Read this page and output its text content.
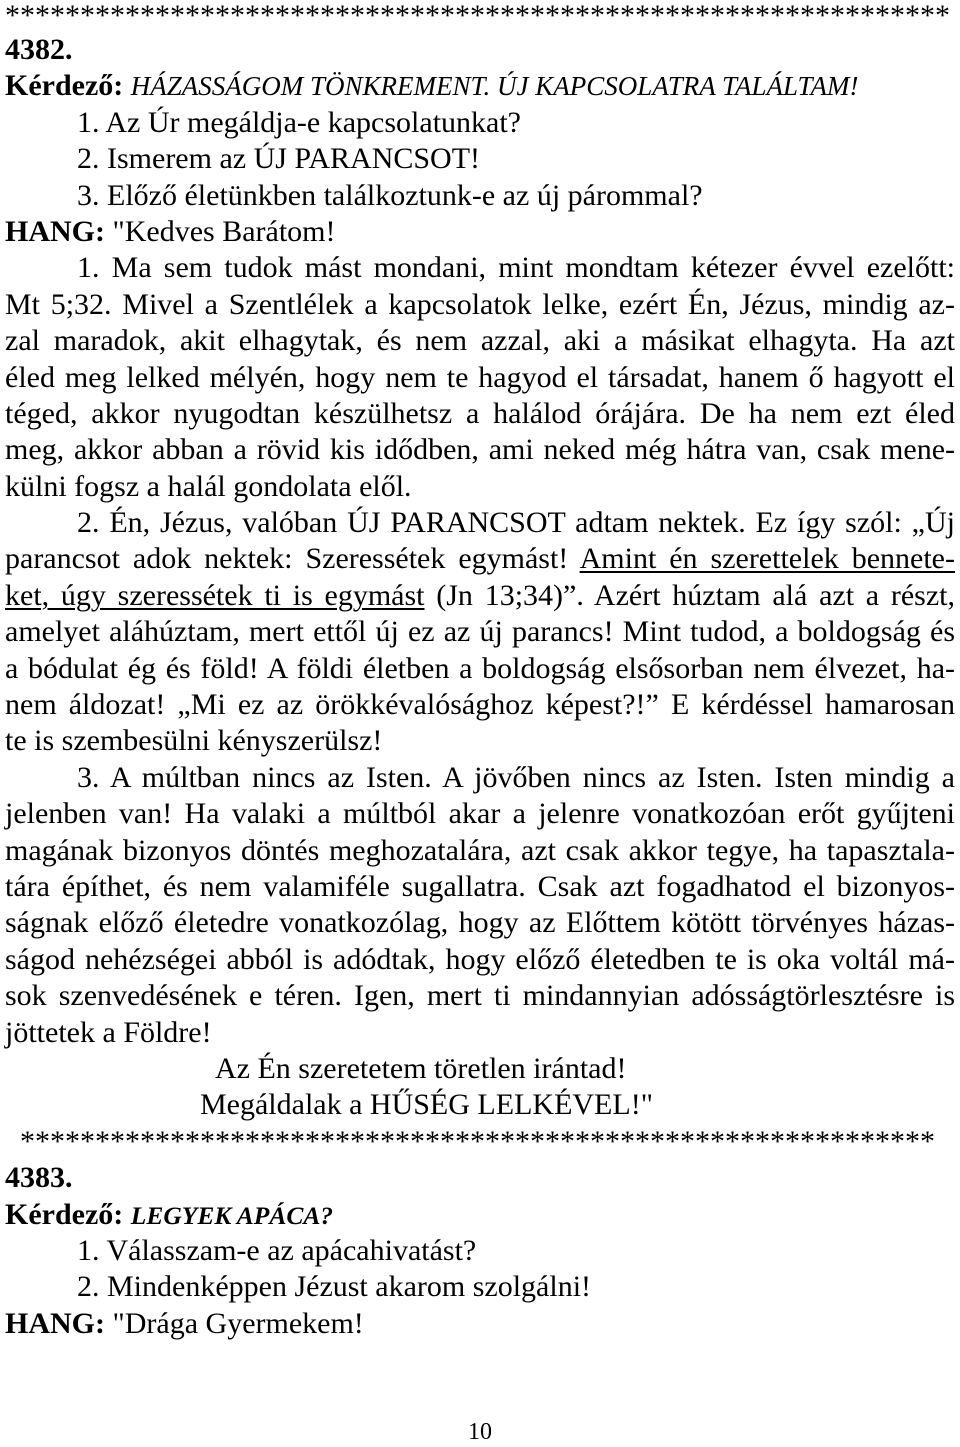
***************************************************************
4382.
Kérdező: HÁZASSÁGOM TÖNKREMENT. ÚJ KAPCSOLATRA TALÁLTAM!
1. Az Úr megáldja-e kapcsolatunkat?
2. Ismerem az ÚJ PARANCSOT!
3. Előző életünkben találkoztunk-e az új párommal?
HANG: "Kedves Barátom!
1. Ma sem tudok mást mondani, mint mondtam kétezer évvel ezelőtt:
Mt 5;32. Mivel a Szentlélek a kapcsolatok lelke, ezért Én, Jézus, mindig az-
zal maradok, akit elhagytak, és nem azzal, aki a másikat elhagyta. Ha azt
éled meg lelked mélyén, hogy nem te hagyod el társadat, hanem ő hagyott el
téged, akkor nyugodtan készülhetsz a halálod órájára. De ha nem ezt éled
meg, akkor abban a rövid kis idődben, ami neked még hátra van, csak mene-
külni fogsz a halál gondolata elől.
2. Én, Jézus, valóban ÚJ PARANCSOT adtam nektek. Ez így szól: „Új
parancsot adok nektek: Szeressétek egymást! Amint én szerettelek bennete-
ket, úgy szeressétek ti is egymást (Jn 13;34)”. Azért húztam alá azt a részt,
amelyet aláhúztam, mert ettől új ez az új parancs! Mint tudod, a boldogság és
a bódulat ég és föld! A földi életben a boldogság elsősorban nem élvezet, ha-
nem áldozat! „Mi ez az örökkévalósághoz képest?!” E kérdéssel hamarosan
te is szembesülni kényszerülsz!
3. A múltban nincs az Isten. A jövőben nincs az Isten. Isten mindig a
jelenben van! Ha valaki a múltból akar a jelenre vonatkozóan erőt gyűjteni
magának bizonyos döntés meghozatalára, azt csak akkor tegye, ha tapasztala-
tára építhet, és nem valamiféle sugallatra. Csak azt fogadhatod el bizonyos-
ságnak előző életedre vonatkozólag, hogy az Előttem kötött törvényes házas-
ságod nehézségei abból is adódtak, hogy előző életedben te is oka voltál má-
sok szenvedésének e téren. Igen, mert ti mindannyian adósságtörlesztésre is
jöttetek a Földre!
Az Én szeretetem töretlen irántad!
Megáldalak a HŰSÉG LELKÉVEL!"
*************************************************************
4383.
Kérdező: LEGYEK APÁCA?
1. Válasszam-e az apácahivatást?
2. Mindenképpen Jézust akarom szolgálni!
HANG: "Drága Gyermekem!
10
